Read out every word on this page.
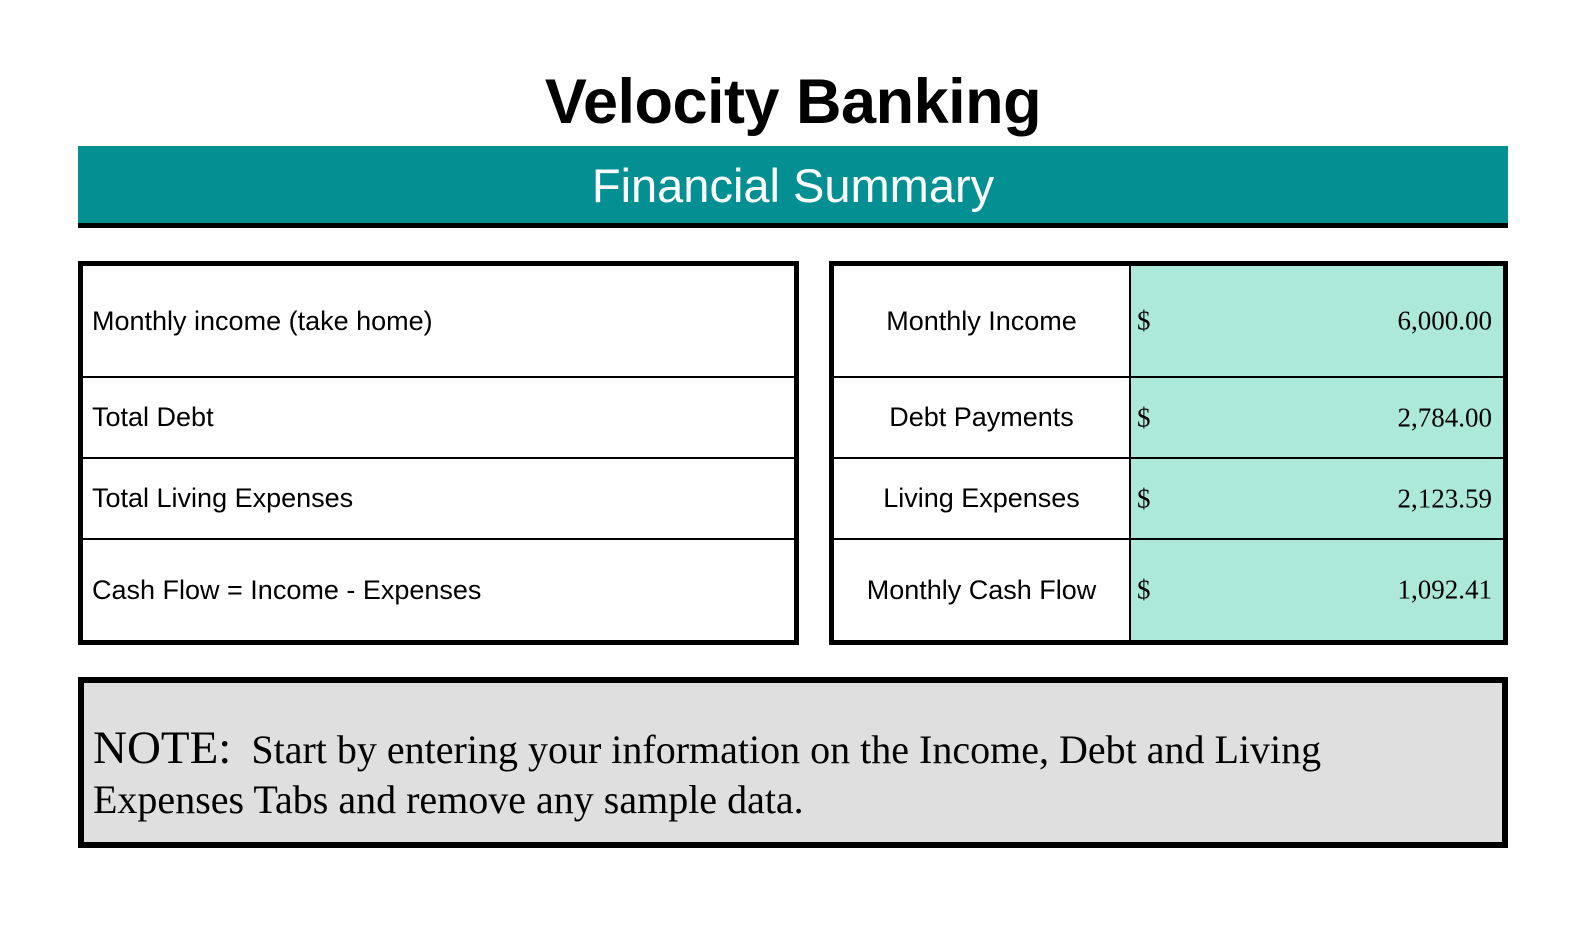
Velocity Banking
Financial Summary
Monthly income (take home)
Total Debt
Total Living Expenses
Cash Flow = Income - Expenses
Monthly Income	$ 6,000.00

Debt Payments	$ 2,784.00

Living Expenses	$ 2,123.59

Monthly Cash Flow	$ 1,092.41
NOTE: Start by entering your information on the Income, Debt and Living Expenses Tabs and remove any sample data.
